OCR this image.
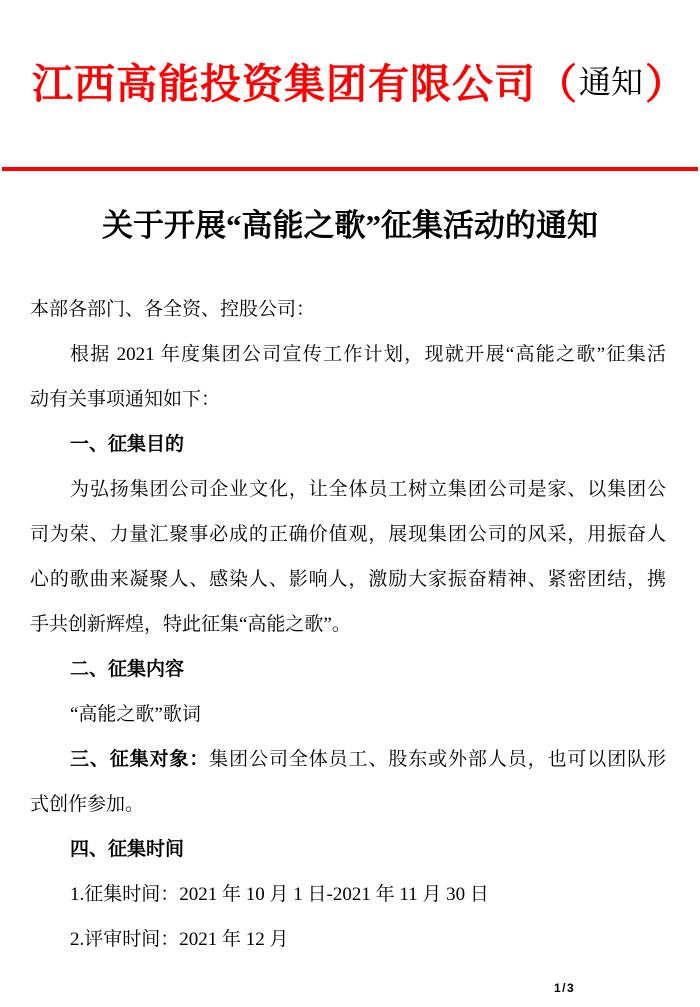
江西高能投资集团有限公司 （ 通知 ）
关于开展“高能之歌”征集活动的通知
本部各部门、各全资、控股公司：
根据 2021 年度集团公司宣传工作计划，现就开展“高能之歌”征集活
动有关事项通知如下：
一、征集目的
为弘扬集团公司企业文化，让全体员工树立集团公司是家、以集团公
司为荣、力量汇聚事必成的正确价值观，展现集团公司的风采，用振奋人
心的歌曲来凝聚人、感染人、影响人，激励大家振奋精神、紧密团结，携
手共创新辉煌，特此征集“高能之歌”。
二、征集内容
“高能之歌”歌词
三、征集对象：集团公司全体员工、股东或外部人员，也可以团队形
式创作参加。
四、征集时间
1.征集时间：2021 年 10 月 1 日-2021 年 11 月 30 日
2.评审时间：2021 年 12 月
1/3
